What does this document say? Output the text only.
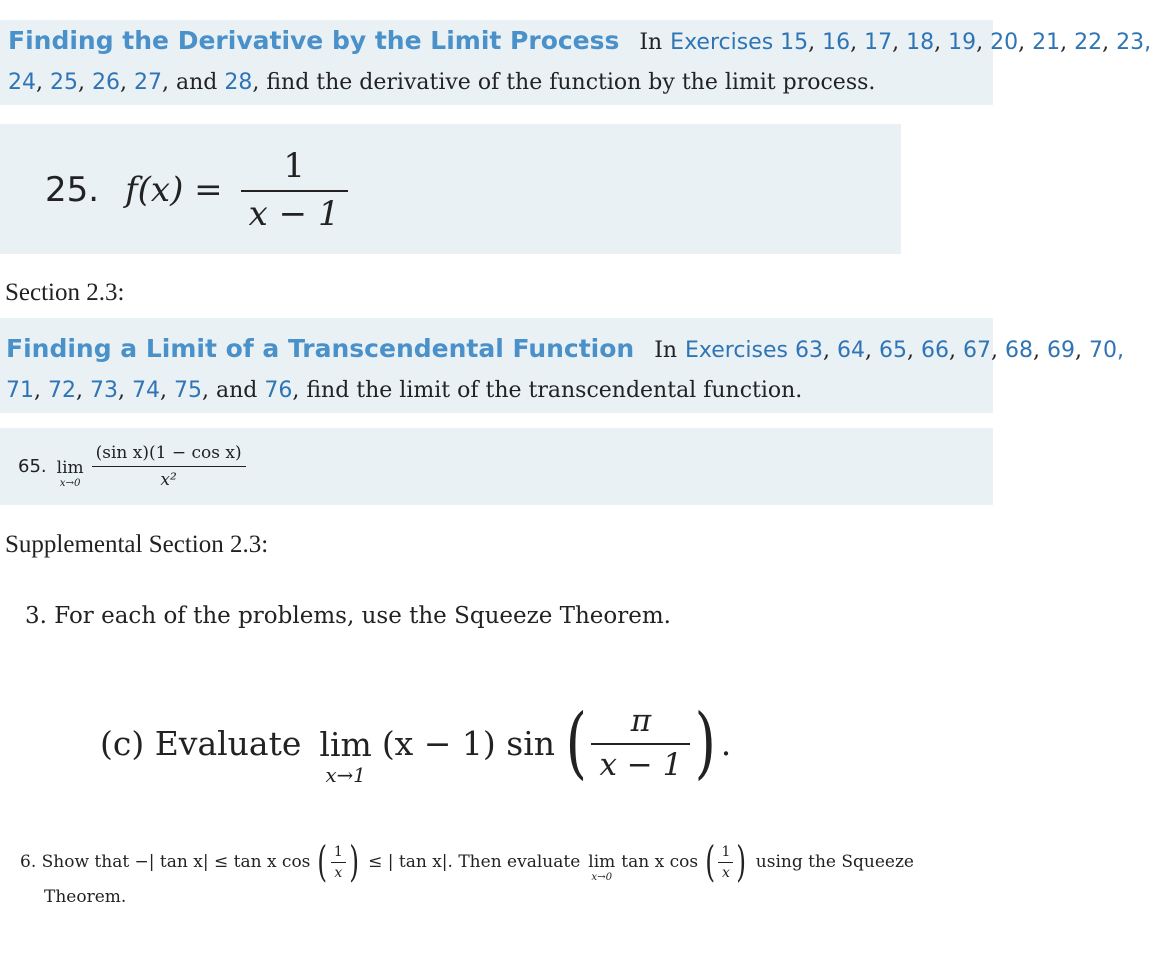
Finding the Derivative by the Limit Process In Exercises 15, 16, 17, 18, 19, 20, 21, 22, 23,
24, 25, 26, 27, and 28, find the derivative of the function by the limit process.
25. $f(x) = \frac{1}{x - 1}$
Section 2.3:
Finding a Limit of a Transcendental Function In Exercises 63, 64, 65, 66, 67, 68, 69, 70,
71, 72, 73, 74, 75, and 76, find the limit of the transcendental function.
65. lim
$x\to 0 \frac{\text{(sin x)(1 − cos x)}}{\text{x²}}$
Supplemental Section 2.3:
3. For each of the problems, use the Squeeze Theorem.
(c) Evaluate lim
x→1
(x − 1) sin ( $\frac{\pi}{x - 1}$ ) .
6. Show that −| tan x| ≤ tan x cos ( $\frac{1}{x}$ ) ≤ | tan x|. Then evaluate lim
x→0
tan x cos ( $\frac{1}{x}$ ) using the Squeeze
Theorem.
